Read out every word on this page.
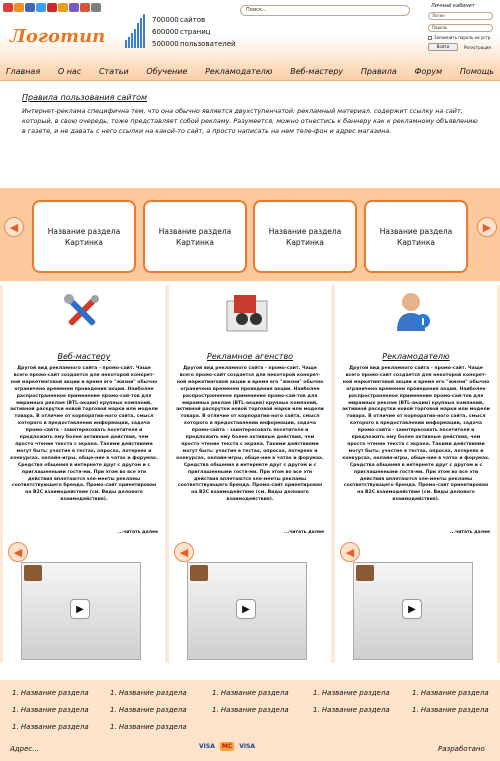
Логотип
700000сайтов
600000страниц
500000пользователей
Поиск...
Личный кабинет
Логин
Пароль
Запомнить пароль на устр.
Войти	Регистрация
Главная О нас Статьи Обучение Рекламодателю Веб-мастеру Правила Форум Помощь
Правила пользования сайтом

Интернет-реклама специфична тем, что она обычно является двухступенчатой: рекламный материал. содержит ссылку на сайт, который, в свою очередь, тоже представляет собой рекламу. Разумеется, можно отнестись к баннеру как к рекламному объявлению в газете, и не давать с него ссылки на какой-то сайт, а просто написать на нем теле-фон и адрес магазина.

◀	▶
Название раздела Картинка
Название раздела Картинка
Название раздела Картинка
Название раздела Картинка
Веб-мастеру
Другой вид рекламного сайта - промо-сайт. Чаще всего промо-сайт создается для некоторой конкрет-ной маркетинговой акции и время его "жизни" обычно ограничено временем проведения акции. Наиболее распространенное применение промо-сай-тов для мирамных реклам (BTL-акции) крупных компаний, активной раскрутки новой торговой марки или модели товара. В отличие от корпоратив-ного сайта, смысл которого в предоставлении информации, задача промо-сайта - заинтересовать посетителя и предложить ему более активные действия, чем просто чтение текста с экрана. Такими действиями могут быть: участие в тестах, опросах, лотереях и конкурсах, онлайн-игры, обще-ние в чатах и форумах. Средства общения в интернете друг с другом и с приглашенными гостя-ми. При этом во все эти действия вплетаются эле-менты рекламы соответствующего бренда. Промо-сайт ориентирован на B2C взаимодействие (см. Виды делового взаимодействия).
...читать далее
◀
▶
Рекламное агенство
Другой вид рекламного сайта - промо-сайт. Чаще всего промо-сайт создается для некоторой конкрет-ной маркетинговой акции и время его "жизни" обычно ограничено временем проведения акции. Наиболее распространенное применение промо-сай-тов для мирамных реклам (BTL-акции) крупных компаний, активной раскрутки новой торговой марки или модели товара. В отличие от корпоратив-ного сайта, смысл которого в предоставлении информации, задача промо-сайта - заинтересовать посетителя и предложить ему более активные действия, чем просто чтение текста с экрана. Такими действиями могут быть: участие в тестах, опросах, лотереях и конкурсах, онлайн-игры, обще-ние в чатах и форумах. Средства общения в интернете друг с другом и с приглашенными гостя-ми. При этом во все эти действия вплетаются эле-менты рекламы соответствующего бренда. Промо-сайт ориентирован на B2C взаимодействие (см. Виды делового взаимодействия).
...читать далее
◀
▶
Рекламодателю
Другой вид рекламного сайта - промо-сайт. Чаще всего промо-сайт создается для некоторой конкрет-ной маркетинговой акции и время его "жизни" обычно ограничено временем проведения акции. Наиболее распространенное применение промо-сай-тов для мирамных реклам (BTL-акции) крупных компаний, активной раскрутки новой торговой марки или модели товара. В отличие от корпоратив-ного сайта, смысл которого в предоставлении информации, задача промо-сайта - заинтересовать посетителя и предложить ему более активные действия, чем просто чтение текста с экрана. Такими действиями могут быть: участие в тестах, опросах, лотереях и конкурсах, онлайн-игры, обще-ние в чатах и форумах. Средства общения в интернете друг с другом и с приглашенными гостя-ми. При этом во все эти действия вплетаются эле-менты рекламы соответствующего бренда. Промо-сайт ориентирован на B2C взаимодействие (см. Виды делового взаимодействия).
...читать далее
◀
▶
1. Название раздела	1. Название раздела	1. Название раздела	1. Название раздела	1. Название раздела
1. Название раздела	1. Название раздела	1. Название раздела	1. Название раздела	1. Название раздела
1. Название раздела	1. Название раздела
Адрес...	VISA	MC	VISA	Разработано
